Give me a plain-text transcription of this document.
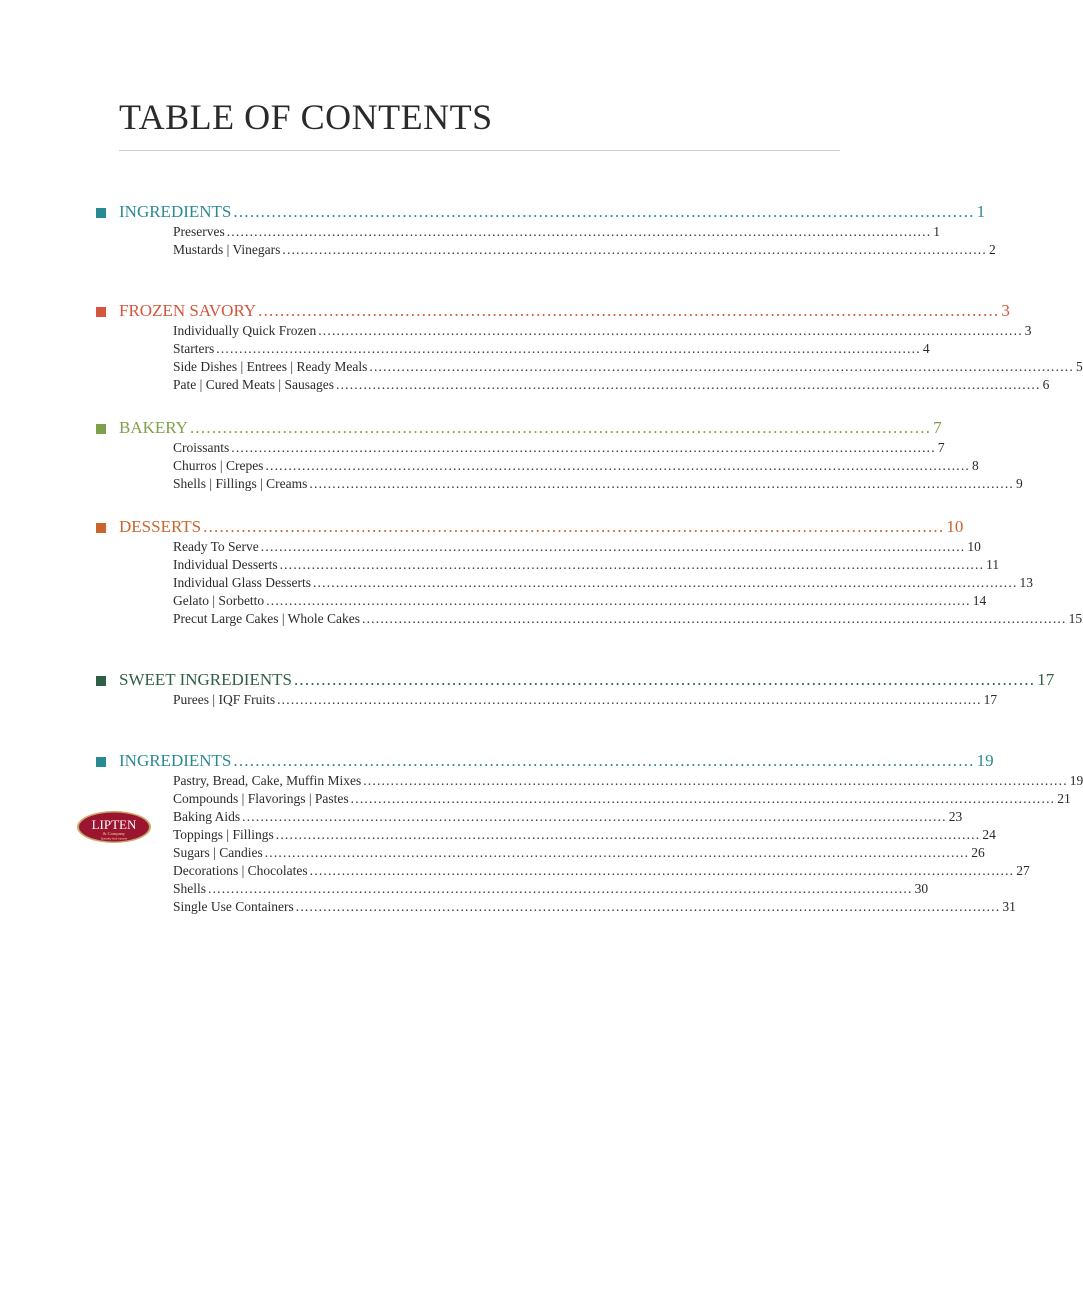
TABLE OF CONTENTS
INGREDIENTS ........................................................................................................................................ 1
Preserves .......................................................................................................................................................... 1
Mustards | Vinegars .......................................................................................................................................................... 2
FROZEN SAVORY ........................................................................................................................................ 3
Individually Quick Frozen .......................................................................................................................................................... 3
Starters .......................................................................................................................................................... 4
Side Dishes | Entrees | Ready Meals .......................................................................................................................................................... 5
Pate | Cured Meats | Sausages .......................................................................................................................................................... 6
BAKERY ........................................................................................................................................ 7
Croissants .......................................................................................................................................................... 7
Churros | Crepes .......................................................................................................................................................... 8
Shells | Fillings | Creams .......................................................................................................................................................... 9
DESSERTS ........................................................................................................................................ 10
Ready To Serve .......................................................................................................................................................... 10
Individual Desserts .......................................................................................................................................................... 11
Individual Glass Desserts .......................................................................................................................................................... 13
Gelato | Sorbetto .......................................................................................................................................................... 14
Precut Large Cakes | Whole Cakes .......................................................................................................................................................... 15
SWEET INGREDIENTS ........................................................................................................................................ 17
Purees | IQF Fruits .......................................................................................................................................................... 17
INGREDIENTS ........................................................................................................................................ 19
Pastry, Bread, Cake, Muffin Mixes .......................................................................................................................................................... 19
Compounds | Flavorings | Pastes .......................................................................................................................................................... 21
Baking Aids .......................................................................................................................................................... 23
Toppings | Fillings .......................................................................................................................................................... 24
Sugars | Candies .......................................................................................................................................................... 26
Decorations | Chocolates .......................................................................................................................................................... 27
Shells .......................................................................................................................................................... 30
Single Use Containers .......................................................................................................................................................... 31
LIPTEN
& Company
Specialty food importer
